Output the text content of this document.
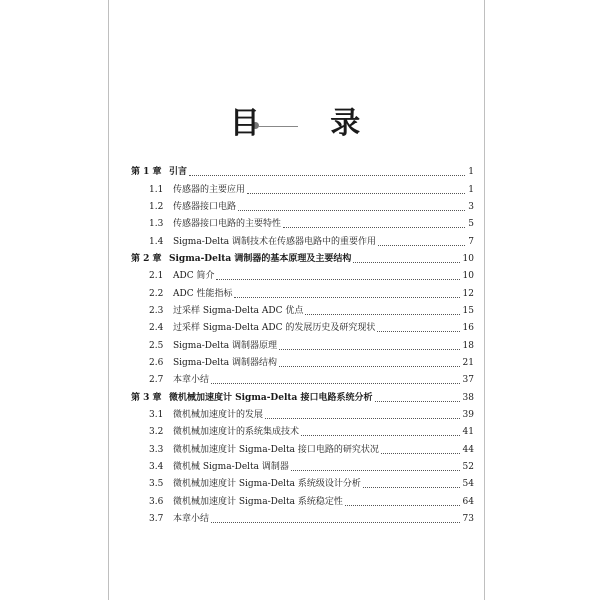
目 录
第 1 章 引言	1
1.1	传感器的主要应用	1
1.2	传感器接口电路	3
1.3	传感器接口电路的主要特性	5
1.4	Sigma-Delta 调制技术在传感器电路中的重要作用	7
第 2 章 Sigma-Delta 调制器的基本原理及主要结构	10
2.1	ADC 简介	10
2.2	ADC 性能指标	12
2.3	过采样 Sigma-Delta ADC 优点	15
2.4	过采样 Sigma-Delta ADC 的发展历史及研究现状	16
2.5	Sigma-Delta 调制器原理	18
2.6	Sigma-Delta 调制器结构	21
2.7	本章小结	37
第 3 章 微机械加速度计 Sigma-Delta 接口电路系统分析	38
3.1	微机械加速度计的发展	39
3.2	微机械加速度计的系统集成技术	41
3.3	微机械加速度计 Sigma-Delta 接口电路的研究状况	44
3.4	微机械 Sigma-Delta 调制器	52
3.5	微机械加速度计 Sigma-Delta 系统级设计分析	54
3.6	微机械加速度计 Sigma-Delta 系统稳定性	64
3.7	本章小结	73
